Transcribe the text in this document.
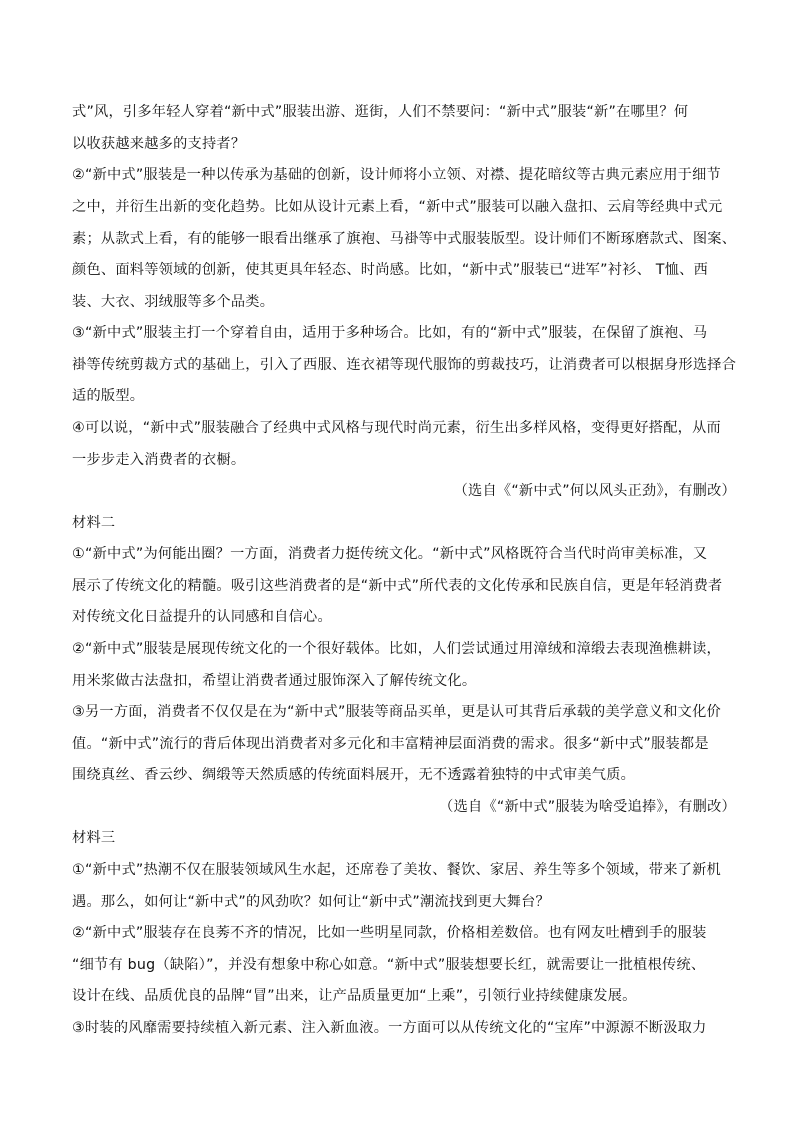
式”风，引多年轻人穿着“新中式”服装出游、逛街，人们不禁要问：“新中式”服装“新”在哪里？何
以收获越来越多的支持者？
②“新中式”服装是一种以传承为基础的创新，设计师将小立领、对襟、提花暗纹等古典元素应用于细节
之中，并衍生出新的变化趋势。比如从设计元素上看，“新中式”服装可以融入盘扣、云肩等经典中式元
素；从款式上看，有的能够一眼看出继承了旗袍、马褂等中式服装版型。设计师们不断琢磨款式、图案、
颜色、面料等领域的创新，使其更具年轻态、时尚感。比如，“新中式”服装已“进军”衬衫、 T恤、西
装、大衣、羽绒服等多个品类。
③“新中式”服装主打一个穿着自由，适用于多种场合。比如，有的“新中式”服装，在保留了旗袍、马
褂等传统剪裁方式的基础上，引入了西服、连衣裙等现代服饰的剪裁技巧，让消费者可以根据身形选择合
适的版型。
④可以说，“新中式”服装融合了经典中式风格与现代时尚元素，衍生出多样风格，变得更好搭配，从而
一步步走入消费者的衣橱。
（选自《“新中式”何以风头正劲》，有删改）
材料二
①“新中式”为何能出圈？一方面，消费者力挺传统文化。“新中式”风格既符合当代时尚审美标准，又
展示了传统文化的精髓。吸引这些消费者的是“新中式”所代表的文化传承和民族自信，更是年轻消费者
对传统文化日益提升的认同感和自信心。
②“新中式”服装是展现传统文化的一个很好载体。比如，人们尝试通过用漳绒和漳缎去表现渔樵耕读，
用米浆做古法盘扣，希望让消费者通过服饰深入了解传统文化。
③另一方面，消费者不仅仅是在为“新中式”服装等商品买单，更是认可其背后承载的美学意义和文化价
值。“新中式”流行的背后体现出消费者对多元化和丰富精神层面消费的需求。很多“新中式”服装都是
围绕真丝、香云纱、绸缎等天然质感的传统面料展开，无不透露着独特的中式审美气质。
（选自《“新中式”服装为啥受追捧》，有删改）
材料三
①“新中式”热潮不仅在服装领域风生水起，还席卷了美妆、餐饮、家居、养生等多个领域，带来了新机
遇。那么，如何让“新中式”的风劲吹？如何让“新中式”潮流找到更大舞台？
②“新中式”服装存在良莠不齐的情况，比如一些明星同款，价格相差数倍。也有网友吐槽到手的服装
“细节有 bug（缺陷）”，并没有想象中称心如意。“新中式”服装想要长红，就需要让一批植根传统、
设计在线、品质优良的品牌“冒”出来，让产品质量更加“上乘”，引领行业持续健康发展。
③时装的风靡需要持续植入新元素、注入新血液。一方面可以从传统文化的“宝库”中源源不断汲取力
